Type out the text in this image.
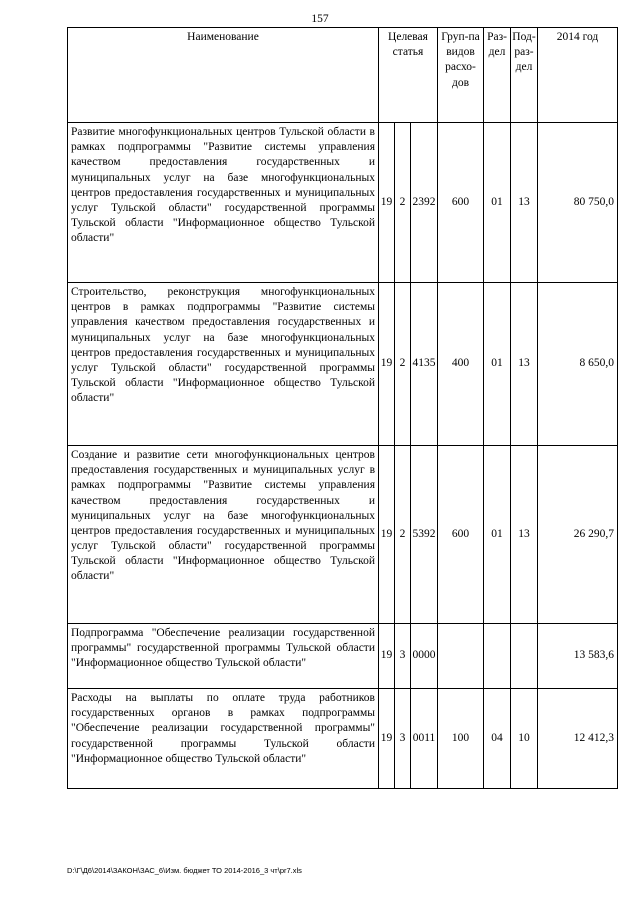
157
Наименование	Целевая статья			Груп-па видов расхо-дов	Раз-дел	Под-раз-дел	2014 год
Развитие многофункциональных центров Тульской области в рамках подпрограммы "Развитие системы управления качеством предоставления государственных и муниципальных услуг на базе многофункциональных центров предоставления государственных и муниципальных услуг Тульской области" государственной программы Тульской области "Информационное общество Тульской области"	19	2	2392	600	01	13	80 750,0
Строительство, реконструкция многофункциональных центров в рамках подпрограммы "Развитие системы управления качеством предоставления государственных и муниципальных услуг на базе многофункциональных центров предоставления государственных и муниципальных услуг Тульской области" государственной программы Тульской области "Информационное общество Тульской области"	19	2	4135	400	01	13	8 650,0
Создание и развитие сети многофункциональных центров предоставления государственных и муниципальных услуг в рамках подпрограммы "Развитие системы управления качеством предоставления государственных и муниципальных услуг на базе многофункциональных центров предоставления государственных и муниципальных услуг Тульской области" государственной программы Тульской области "Информационное общество Тульской области"	19	2	5392	600	01	13	26 290,7
Подпрограмма "Обеспечение реализации государственной программы" государственной программы Тульской области "Информационное общество Тульской области"	19	3	0000				13 583,6
Расходы на выплаты по оплате труда работников государственных органов в рамках подпрограммы "Обеспечение реализации государственной программы" государственной программы Тульской области "Информационное общество Тульской области"	19	3	0011	100	04	10	12 412,3
D:\Г\Д6\2014\ЗАКОН\ЗАС_6\Изм. бюджет ТО 2014-2016_3 чт\pr7.xls
